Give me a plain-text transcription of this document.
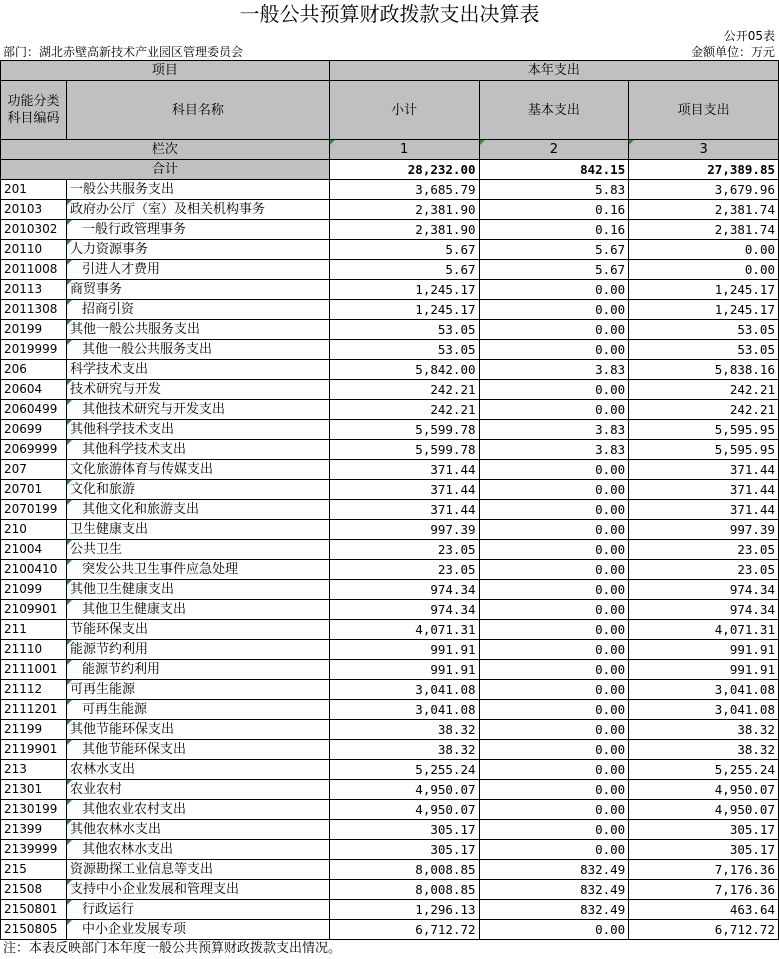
一般公共预算财政拨款支出决算表
公开05表
部门：湖北赤壁高新技术产业园区管理委员会	金额单位：万元
项目		本年支出		
功能分类科目编码	科目名称	小计	基本支出	项目支出
栏次		1	2	3
合计		28,232.00	842.15	27,389.85
201	一般公共服务支出	3,685.79	5.83	3,679.96
20103	政府办公厅（室）及相关机构事务	2,381.90	0.16	2,381.74
2010302	一般行政管理事务	2,381.90	0.16	2,381.74
20110	人力资源事务	5.67	5.67	0.00
2011008	引进人才费用	5.67	5.67	0.00
20113	商贸事务	1,245.17	0.00	1,245.17
2011308	招商引资	1,245.17	0.00	1,245.17
20199	其他一般公共服务支出	53.05	0.00	53.05
2019999	其他一般公共服务支出	53.05	0.00	53.05
206	科学技术支出	5,842.00	3.83	5,838.16
20604	技术研究与开发	242.21	0.00	242.21
2060499	其他技术研究与开发支出	242.21	0.00	242.21
20699	其他科学技术支出	5,599.78	3.83	5,595.95
2069999	其他科学技术支出	5,599.78	3.83	5,595.95
207	文化旅游体育与传媒支出	371.44	0.00	371.44
20701	文化和旅游	371.44	0.00	371.44
2070199	其他文化和旅游支出	371.44	0.00	371.44
210	卫生健康支出	997.39	0.00	997.39
21004	公共卫生	23.05	0.00	23.05
2100410	突发公共卫生事件应急处理	23.05	0.00	23.05
21099	其他卫生健康支出	974.34	0.00	974.34
2109901	其他卫生健康支出	974.34	0.00	974.34
211	节能环保支出	4,071.31	0.00	4,071.31
21110	能源节约利用	991.91	0.00	991.91
2111001	能源节约利用	991.91	0.00	991.91
21112	可再生能源	3,041.08	0.00	3,041.08
2111201	可再生能源	3,041.08	0.00	3,041.08
21199	其他节能环保支出	38.32	0.00	38.32
2119901	其他节能环保支出	38.32	0.00	38.32
213	农林水支出	5,255.24	0.00	5,255.24
21301	农业农村	4,950.07	0.00	4,950.07
2130199	其他农业农村支出	4,950.07	0.00	4,950.07
21399	其他农林水支出	305.17	0.00	305.17
2139999	其他农林水支出	305.17	0.00	305.17
215	资源勘探工业信息等支出	8,008.85	832.49	7,176.36
21508	支持中小企业发展和管理支出	8,008.85	832.49	7,176.36
2150801	行政运行	1,296.13	832.49	463.64
2150805	中小企业发展专项	6,712.72	0.00	6,712.72
注：本表反映部门本年度一般公共预算财政拨款支出情况。
